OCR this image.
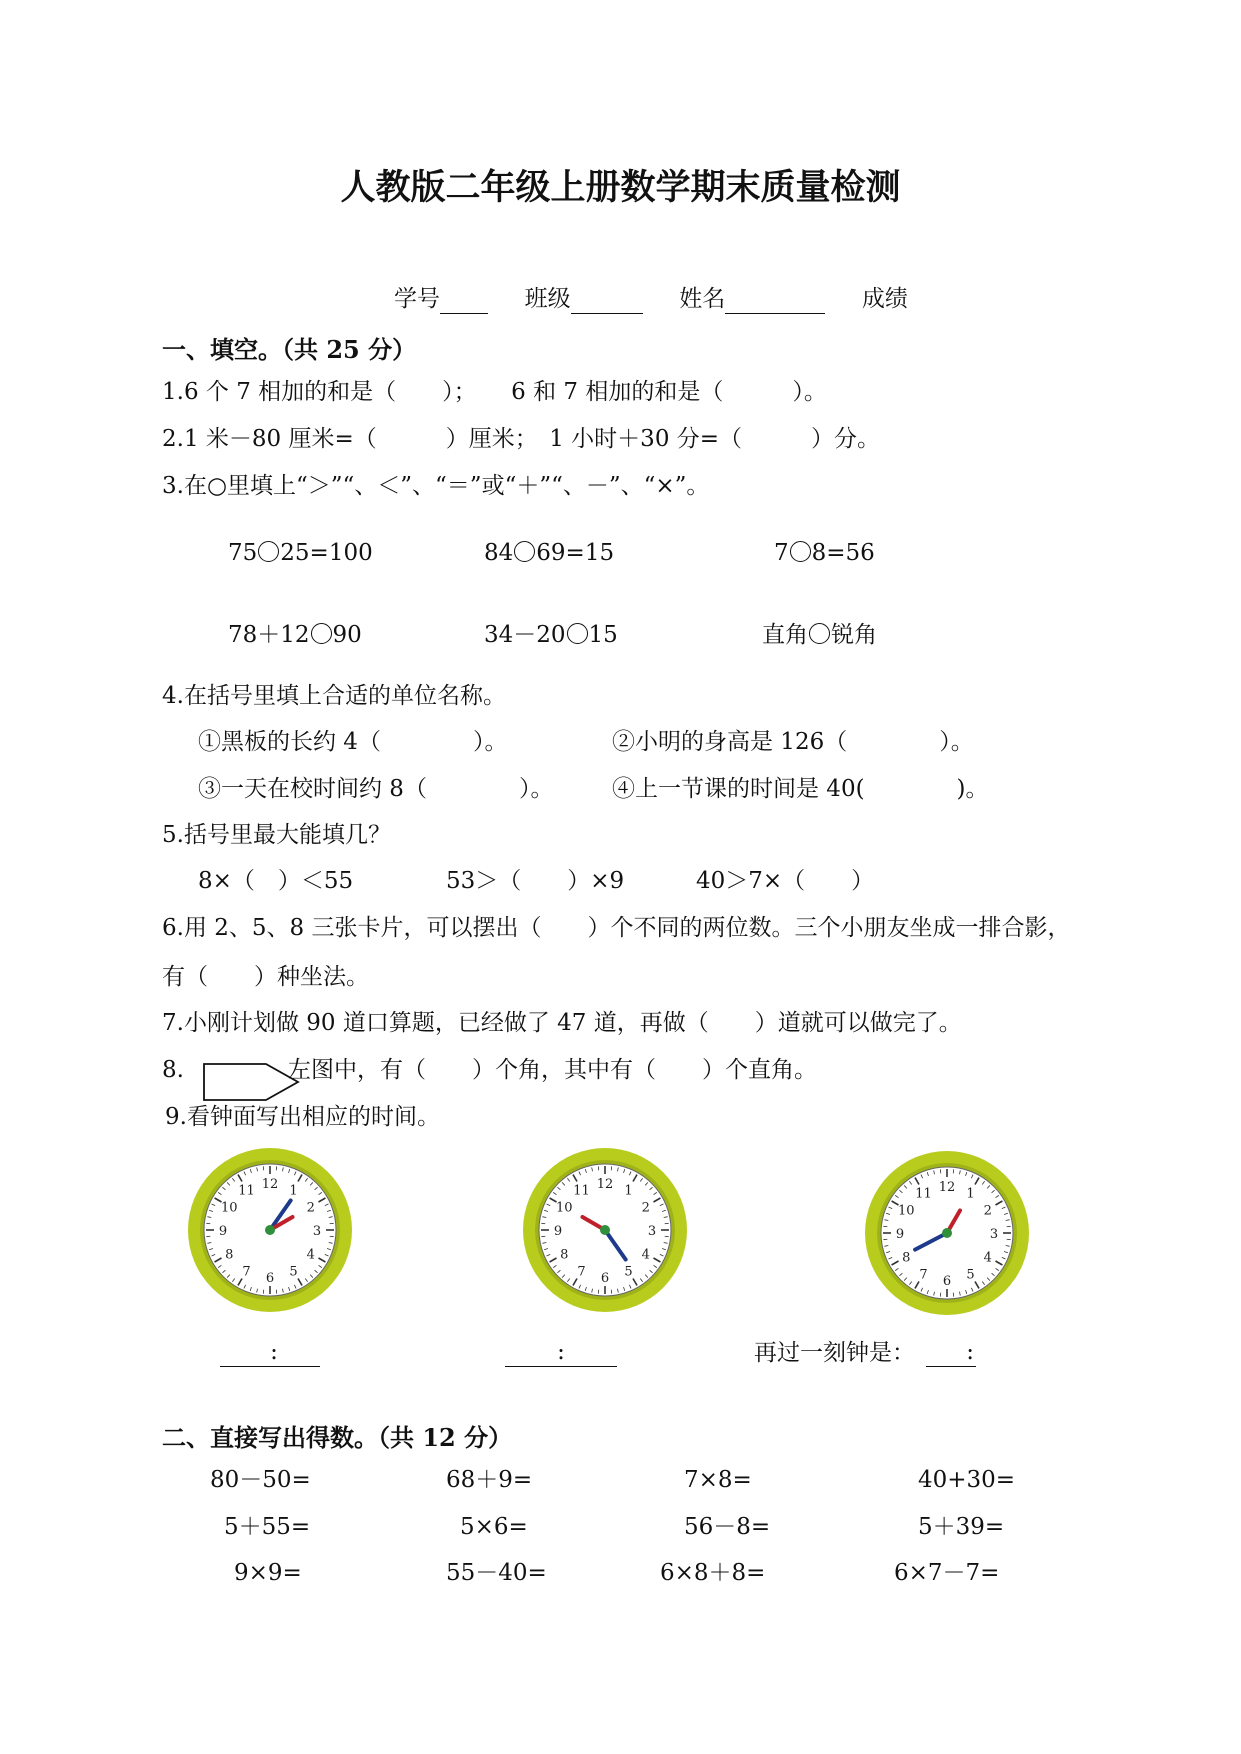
人教版二年级上册数学期末质量检测
学号	班级	姓名	成绩
一、填空。（共 25 分）
1.6 个 7 相加的和是（　　）；　　6 和 7 相加的和是（　　　）。
2.1 米－80 厘米=（　　　）厘米；　1 小时＋30 分=（　　　）分。
3.在○里填上“＞”“、＜”、“＝”或“＋”“、－”、“×”。
75 25=100	84 69=15	7 8=56
78＋12 90	34－20 15	直角 锐角
4.在括号里填上合适的单位名称。
①黑板的长约 4（　　　　）。	②小明的身高是 126（　　　　）。
③一天在校时间约 8（　　　　）。	④上一节课的时间是 40(　　　　)。
5.括号里最大能填几？
8×（　）＜55	53＞（　　）×9	40＞7×（　　）
6.用 2、5、8 三张卡片，可以摆出（　　）个不同的两位数。三个小朋友坐成一排合影，
有（　　）种坐法。
7.小刚计划做 90 道口算题，已经做了 47 道，再做（　　）道就可以做完了。
8.	左图中，有（　　）个角，其中有（　　）个直角。
9.看钟面写出相应的时间。
12 1
2
3
4
5
6
7
8
9
10
11	12 1
2
3
4
5
6
7
8
9
10
11	12 1
2
3
4
5
6
7
8
9
10
11
:	:	再过一刻钟是：	:
二、直接写出得数。（共 12 分）
80－50=	68＋9=	7×8=	40+30=
5＋55=	5×6=	56－8=	5＋39=
9×9=	55－40=	6×8＋8=	6×7－7=
